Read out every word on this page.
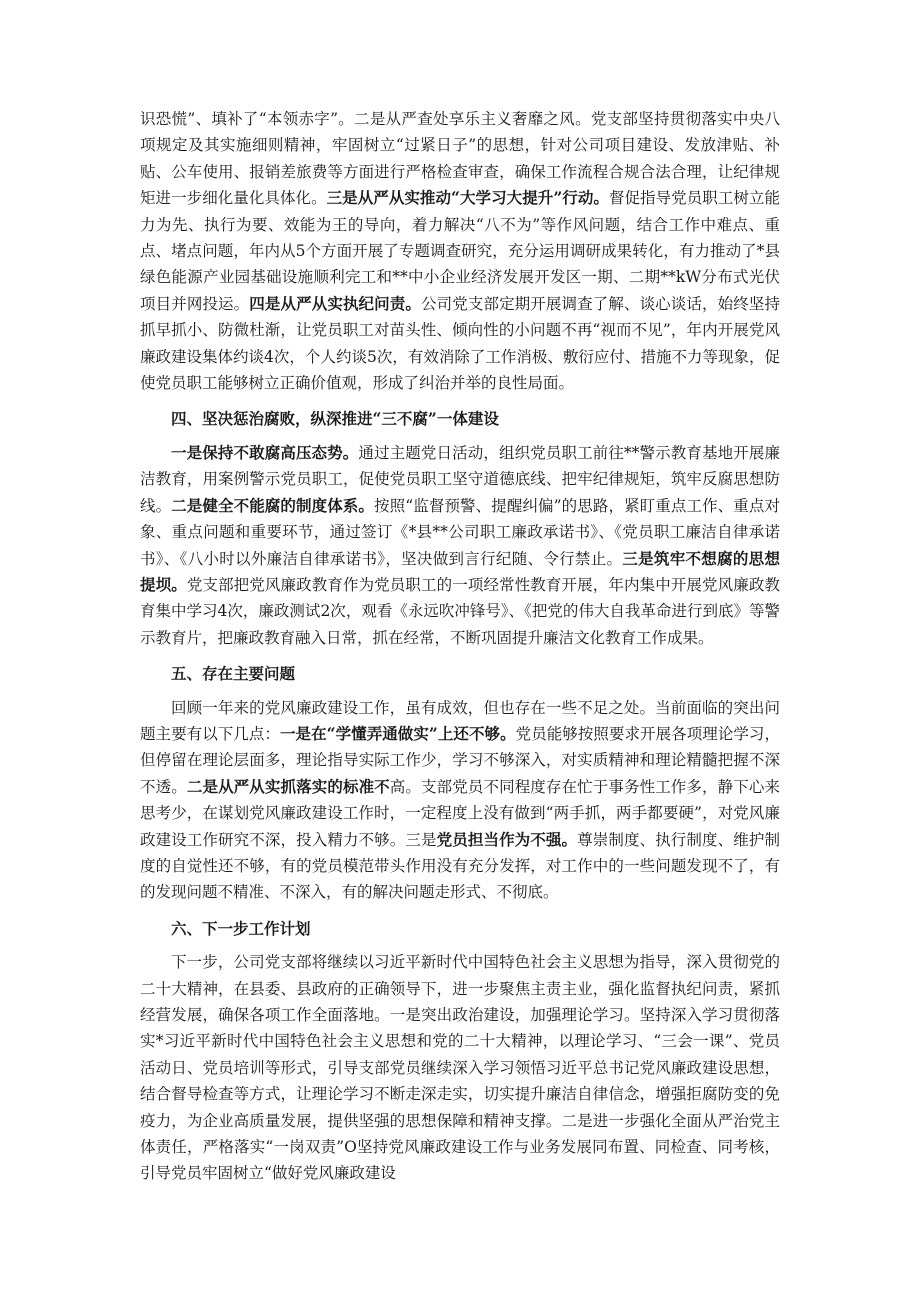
识恐慌”、填补了“本领赤字”。二是从严查处享乐主义奢靡之风。党支部坚持贯彻落实中央八项规定及其实施细则精神，牢固树立“过紧日子”的思想，针对公司项目建设、发放津贴、补贴、公车使用、报销差旅费等方面进行严格检查审查，确保工作流程合规合法合理，让纪律规矩进一步细化量化具体化。三是从严从实推动“大学习大提升”行动。督促指导党员职工树立能力为先、执行为要、效能为王的导向，着力解决“八不为”等作风问题，结合工作中难点、重点、堵点问题，年内从5个方面开展了专题调查研究，充分运用调研成果转化，有力推动了*县绿色能源产业园基础设施顺利完工和**中小企业经济发展开发区一期、二期**kW分布式光伏项目并网投运。四是从严从实执纪问责。公司党支部定期开展调查了解、谈心谈话，始终坚持抓早抓小、防微杜渐，让党员职工对苗头性、倾向性的小问题不再“视而不见”，年内开展党风廉政建设集体约谈4次，个人约谈5次，有效消除了工作消极、敷衍应付、措施不力等现象，促使党员职工能够树立正确价值观，形成了纠治并举的良性局面。

四、坚决惩治腐败，纵深推进“三不腐”一体建设

一是保持不敢腐高压态势。通过主题党日活动，组织党员职工前往**警示教育基地开展廉洁教育，用案例警示党员职工，促使党员职工坚守道德底线、把牢纪律规矩，筑牢反腐思想防线。二是健全不能腐的制度体系。按照“监督预警、提醒纠偏”的思路，紧盯重点工作、重点对象、重点问题和重要环节，通过签订《*县**公司职工廉政承诺书》、《党员职工廉洁自律承诺书》、《八小时以外廉洁自律承诺书》，坚决做到言行纪随、令行禁止。三是筑牢不想腐的思想提坝。党支部把党风廉政教育作为党员职工的一项经常性教育开展，年内集中开展党风廉政教育集中学习4次，廉政测试2次，观看《永远吹冲锋号》、《把党的伟大自我革命进行到底》等警示教育片，把廉政教育融入日常，抓在经常，不断巩固提升廉洁文化教育工作成果。

五、存在主要问题

回顾一年来的党风廉政建设工作，虽有成效，但也存在一些不足之处。当前面临的突出问题主要有以下几点：一是在“学懂弄通做实”上还不够。党员能够按照要求开展各项理论学习，但停留在理论层面多，理论指导实际工作少，学习不够深入，对实质精神和理论精髓把握不深不透。二是从严从实抓落实的标准不高。支部党员不同程度存在忙于事务性工作多，静下心来思考少，在谋划党风廉政建设工作时，一定程度上没有做到“两手抓，两手都要硬”，对党风廉政建设工作研究不深，投入精力不够。三是党员担当作为不强。尊崇制度、执行制度、维护制度的自觉性还不够，有的党员模范带头作用没有充分发挥，对工作中的一些问题发现不了，有的发现问题不精准、不深入，有的解决问题走形式、不彻底。

六、下一步工作计划

下一步，公司党支部将继续以习近平新时代中国特色社会主义思想为指导，深入贯彻党的二十大精神，在县委、县政府的正确领导下，进一步聚焦主责主业，强化监督执纪问责，紧抓经营发展，确保各项工作全面落地。一是突出政治建设，加强理论学习。坚持深入学习贯彻落实*习近平新时代中国特色社会主义思想和党的二十大精神，以理论学习、“三会一课”、党员活动日、党员培训等形式，引导支部党员继续深入学习领悟习近平总书记党风廉政建设思想，结合督导检查等方式，让理论学习不断走深走实，切实提升廉洁自律信念，增强拒腐防变的免疫力，为企业高质量发展，提供坚强的思想保障和精神支撑。二是进一步强化全面从严治党主体责任，严格落实“一岗双责”O坚持党风廉政建设工作与业务发展同布置、同检查、同考核，引导党员牢固树立“做好党风廉政建设
